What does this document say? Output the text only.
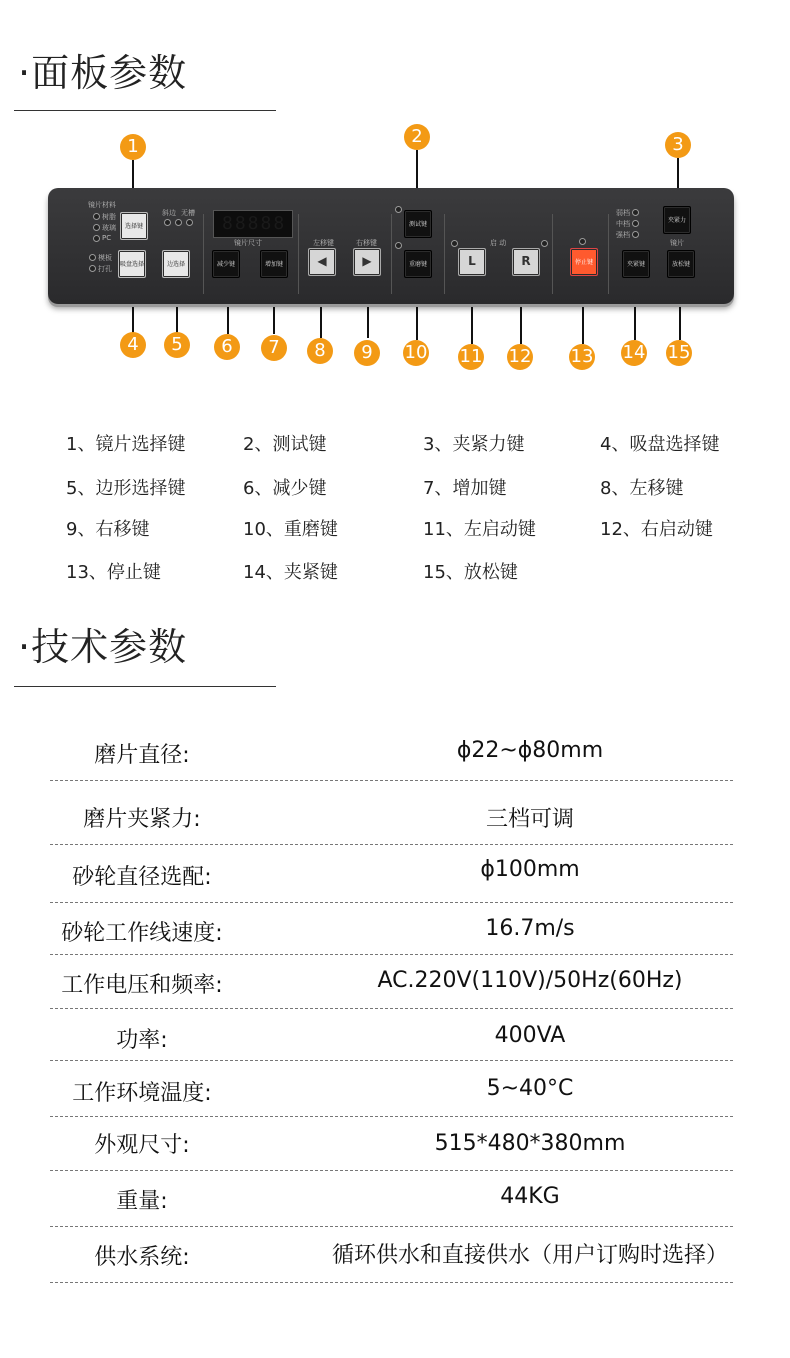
·面板参数
镜片材料
树脂
玻璃
PC
模板
打孔
选择键
吸盘选择
斜边 无槽
边选择
88888
镜片尺寸
减少键	增加键
左移键	右移键
◀	▶
测试键
重磨键
启 动
L	R	停止键
弱档
中档
强档
夹紧力
镜片
夹紧键	放松键
1	2	3
4	5	6	7	8	9	10 11 12 13 14 15
1、镜片选择键	2、测试键	3、夹紧力键	4、吸盘选择键
5、边形选择键	6、减少键	7、增加键	8、左移键
9、右移键	10、重磨键	11、左启动键	12、右启动键
13、停止键	14、夹紧键	15、放松键
·技术参数
磨片直径:	ϕ22~ϕ80mm
磨片夹紧力:	三档可调
砂轮直径选配:	ϕ100mm
砂轮工作线速度:	16.7m/s
工作电压和频率:	AC.220V(110V)/50Hz(60Hz)
功率:	400VA
工作环境温度:	5~40°C
外观尺寸:	515*480*380mm
重量:	44KG
供水系统:	循环供水和直接供水（用户订购时选择）
